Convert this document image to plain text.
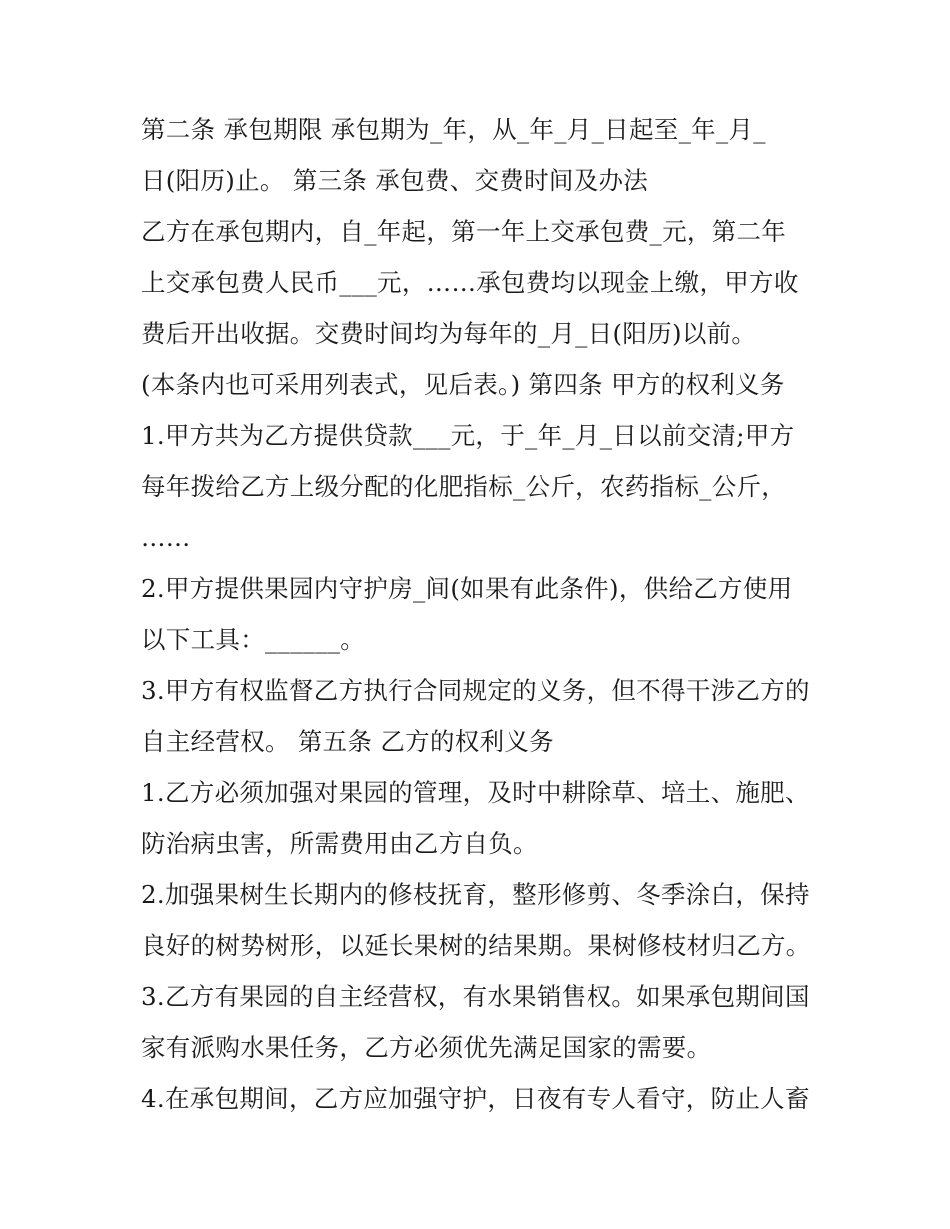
第二条 承包期限 承包期为_年，从_年_月_日起至_年_月_
日(阳历)止。 第三条 承包费、交费时间及办法
乙方在承包期内，自_年起，第一年上交承包费_元，第二年
上交承包费人民币___元，……承包费均以现金上缴，甲方收
费后开出收据。交费时间均为每年的_月_日(阳历)以前。
(本条内也可采用列表式，见后表。) 第四条 甲方的权利义务
1.甲方共为乙方提供贷款___元，于_年_月_日以前交清;甲方
每年拨给乙方上级分配的化肥指标_公斤，农药指标_公斤，
……
2.甲方提供果园内守护房_间(如果有此条件)，供给乙方使用
以下工具：______。
3.甲方有权监督乙方执行合同规定的义务，但不得干涉乙方的
自主经营权。 第五条 乙方的权利义务
1.乙方必须加强对果园的管理，及时中耕除草、培土、施肥、
防治病虫害，所需费用由乙方自负。
2.加强果树生长期内的修枝抚育，整形修剪、冬季涂白，保持
良好的树势树形，以延长果树的结果期。果树修枝材归乙方。
3.乙方有果园的自主经营权，有水果销售权。如果承包期间国
家有派购水果任务，乙方必须优先满足国家的需要。
4.在承包期间，乙方应加强守护，日夜有专人看守，防止人畜
